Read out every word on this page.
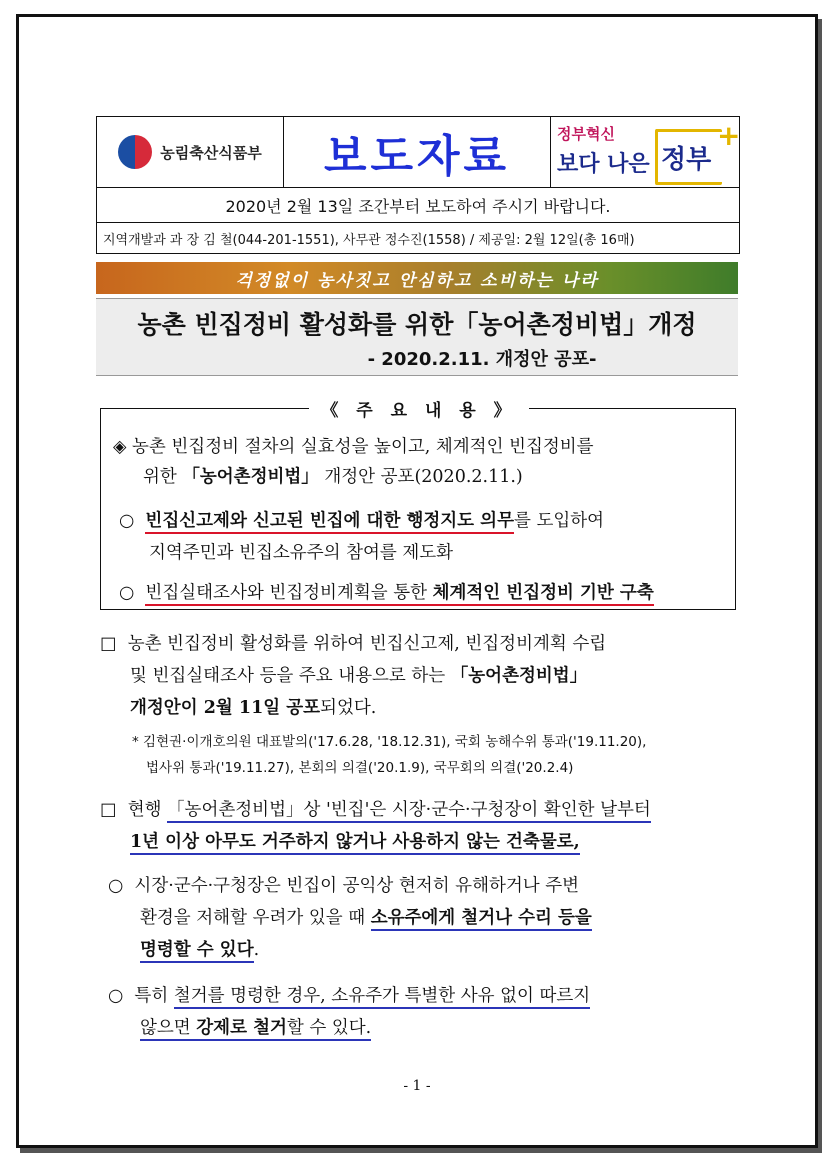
농림축산식품부	보도자료	정부혁신
보다 나은 정부
+
2020년 2월 13일 조간부터 보도하여 주시기 바랍니다.
지역개발과 과 장 김 철(044-201-1551), 사무관 정수진(1558) / 제공일: 2월 12일(총 16매)
걱정없이 농사짓고 안심하고 소비하는 나라
농촌 빈집정비 활성화를 위한「농어촌정비법」개정
- 2020.2.11. 개정안 공포-
《 주 요 내 용 》
◈ 농촌 빈집정비 절차의 실효성을 높이고, 체계적인 빈집정비를
위한 「농어촌정비법」 개정안 공포(2020.2.11.)
○ 빈집신고제와 신고된 빈집에 대한 행정지도 의무를 도입하여
지역주민과 빈집소유주의 참여를 제도화
○ 빈집실태조사와 빈집정비계획을 통한 체계적인 빈집정비 기반 구축
□ 농촌 빈집정비 활성화를 위하여 빈집신고제, 빈집정비계획 수립
및 빈집실태조사 등을 주요 내용으로 하는 「농어촌정비법」
개정안이 2월 11일 공포되었다.
* 김현권·이개호의원 대표발의('17.6.28, '18.12.31), 국회 농해수위 통과('19.11.20),
법사위 통과('19.11.27), 본회의 의결('20.1.9), 국무회의 의결('20.2.4)
□ 현행 「농어촌정비법」상 '빈집'은 시장·군수·구청장이 확인한 날부터
1년 이상 아무도 거주하지 않거나 사용하지 않는 건축물로,
○ 시장·군수·구청장은 빈집이 공익상 현저히 유해하거나 주변
환경을 저해할 우려가 있을 때 소유주에게 철거나 수리 등을
명령할 수 있다.
○ 특히 철거를 명령한 경우, 소유주가 특별한 사유 없이 따르지
않으면 강제로 철거할 수 있다.
- 1 -
